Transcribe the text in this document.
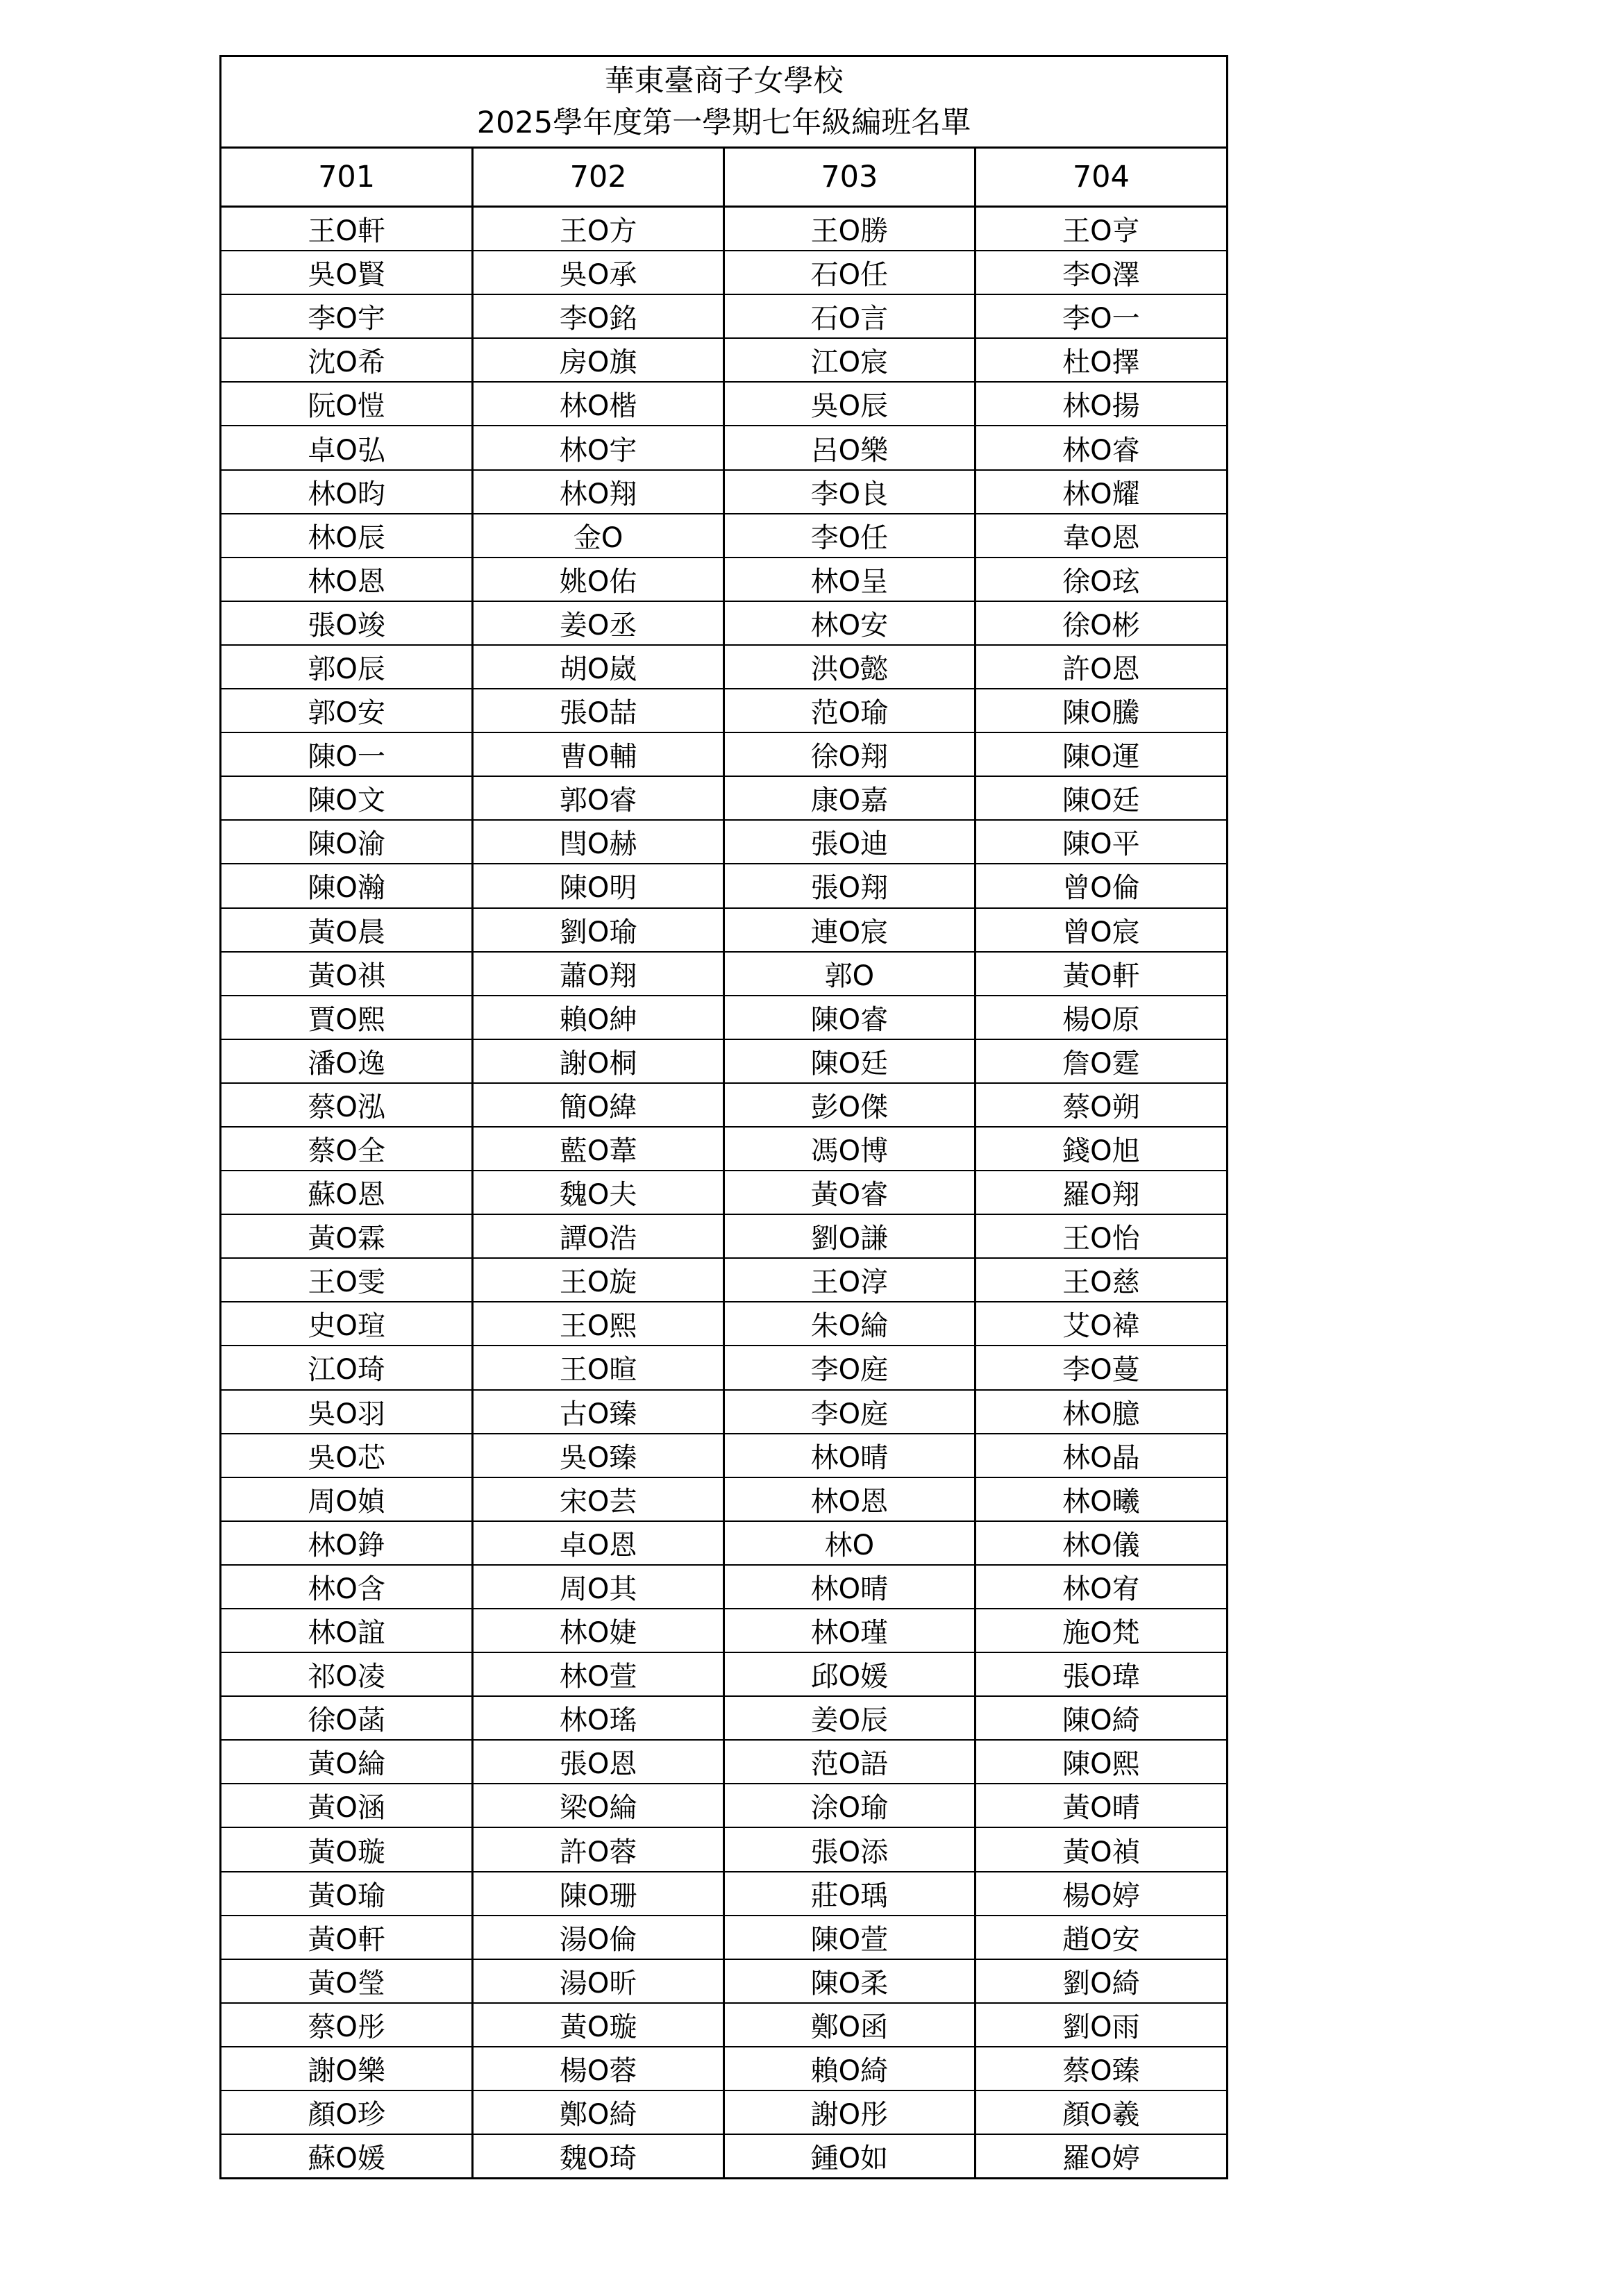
華東臺商子女學校
2025學年度第一學期七年級編班名單
701	702	703	704
王O軒	王O方	王O勝	王O亨
吳O賢	吳O承	石O任	李O澤
李O宇	李O銘	石O言	李O一
沈O希	房O旗	江O宸	杜O擇
阮O愷	林O楷	吳O辰	林O揚
卓O弘	林O宇	呂O樂	林O睿
林O昀	林O翔	李O良	林O耀
林O辰	金O	李O任	韋O恩
林O恩	姚O佑	林O呈	徐O玹
張O竣	姜O丞	林O安	徐O彬
郭O辰	胡O崴	洪O懿	許O恩
郭O安	張O喆	范O瑜	陳O騰
陳O一	曹O輔	徐O翔	陳O運
陳O文	郭O睿	康O嘉	陳O廷
陳O渝	閆O赫	張O迪	陳O平
陳O瀚	陳O明	張O翔	曾O倫
黃O晨	劉O瑜	連O宸	曾O宸
黃O祺	蕭O翔	郭O	黃O軒
賈O熙	賴O紳	陳O睿	楊O原
潘O逸	謝O桐	陳O廷	詹O霆
蔡O泓	簡O緯	彭O傑	蔡O朔
蔡O全	藍O葦	馮O博	錢O旭
蘇O恩	魏O夫	黃O睿	羅O翔
黃O霖	譚O浩	劉O謙	王O怡
王O雯	王O旋	王O淳	王O慈
史O瑄	王O熙	朱O綸	艾O褘
江O琦	王O暄	李O庭	李O蔓
吳O羽	古O臻	李O庭	林O臆
吳O芯	吳O臻	林O晴	林O晶
周O媜	宋O芸	林O恩	林O曦
林O錚	卓O恩	林O	林O儀
林O含	周O其	林O晴	林O宥
林O誼	林O婕	林O瑾	施O梵
祁O凌	林O萱	邱O媛	張O瑋
徐O菡	林O瑤	姜O辰	陳O綺
黃O綸	張O恩	范O語	陳O熙
黃O涵	梁O綸	涂O瑜	黃O晴
黃O璇	許O蓉	張O添	黃O禎
黃O瑜	陳O珊	莊O瑀	楊O婷
黃O軒	湯O倫	陳O萱	趙O安
黃O瑩	湯O昕	陳O柔	劉O綺
蔡O彤	黃O璇	鄭O函	劉O雨
謝O樂	楊O蓉	賴O綺	蔡O臻
顏O珍	鄭O綺	謝O彤	顏O羲
蘇O媛	魏O琦	鍾O如	羅O婷
